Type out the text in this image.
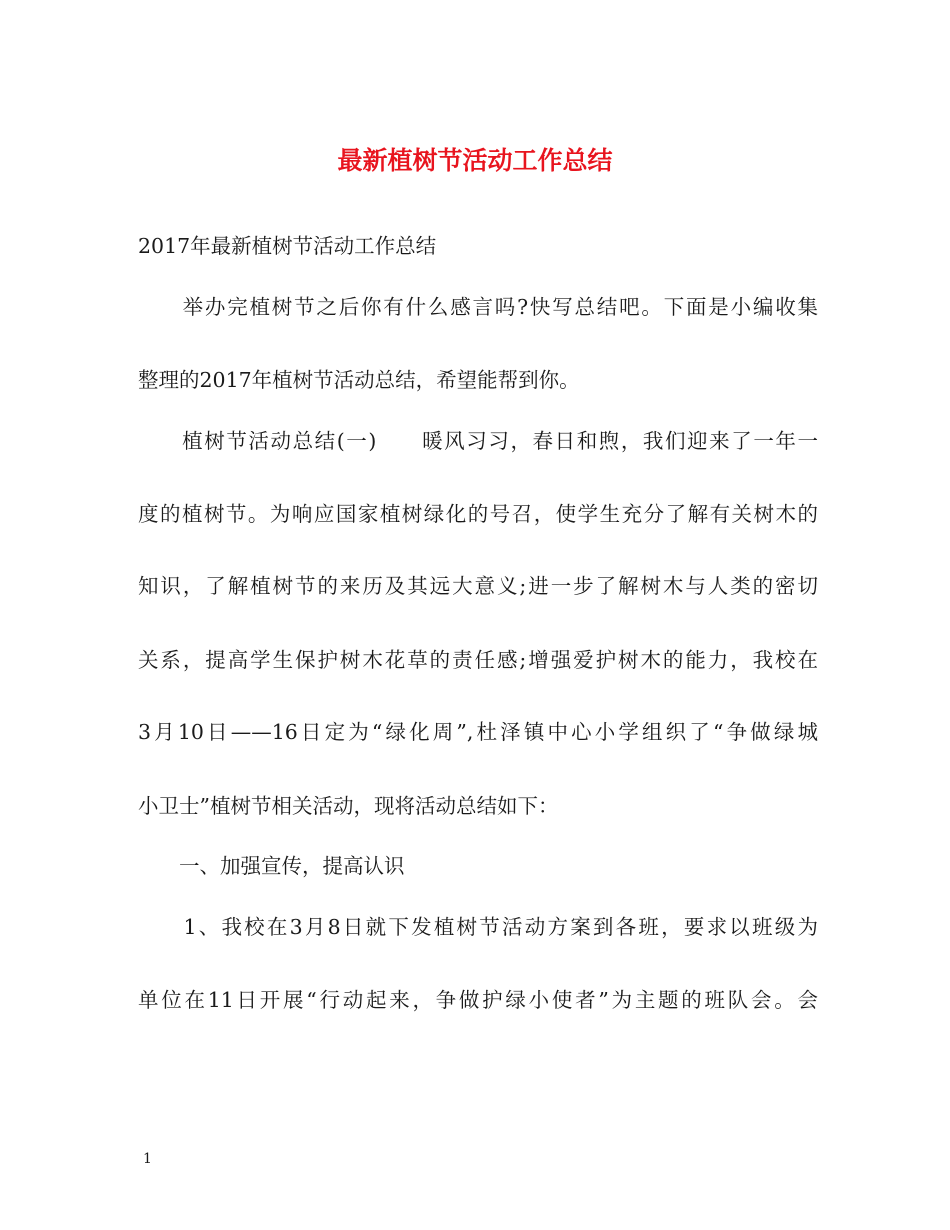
最新植树节活动工作总结
2017年最新植树节活动工作总结
　　举办完植树节之后你有什么感言吗?快写总结吧。下面是小编收集
整理的2017年植树节活动总结，希望能帮到你。
　　植树节活动总结(一)　　暖风习习，春日和煦，我们迎来了一年一
度的植树节。为响应国家植树绿化的号召，使学生充分了解有关树木的
知识，了解植树节的来历及其远大意义;进一步了解树木与人类的密切
关系，提高学生保护树木花草的责任感;增强爱护树木的能力，我校在
3月10日——16日定为“绿化周”,杜泽镇中心小学组织了“争做绿城
小卫士”植树节相关活动，现将活动总结如下：
　　一、加强宣传，提高认识
　　1、我校在3月8日就下发植树节活动方案到各班，要求以班级为
单位在11日开展“行动起来，争做护绿小使者”为主题的班队会。会
1
